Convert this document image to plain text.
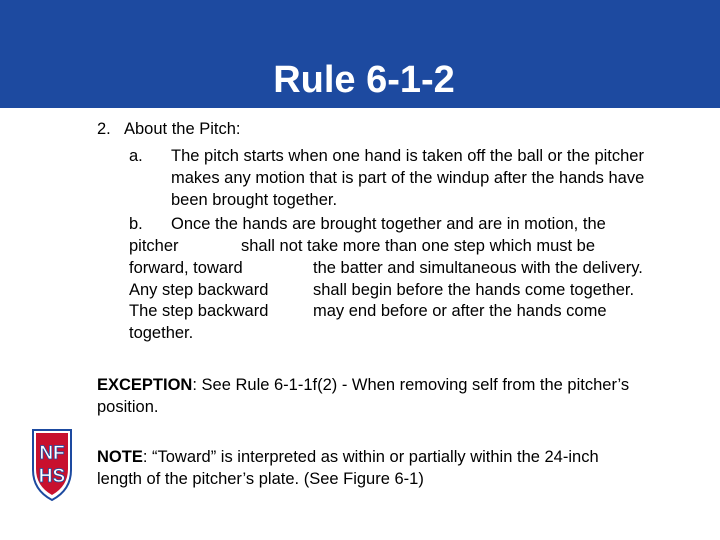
Rule 6-1-2
2. About the Pitch:
a. The pitch starts when one hand is taken off the ball or the pitcher
makes any motion that is part of the windup after the hands have
been brought together.
b. Once the hands are brought together and are in motion, the
pitcher	shall not take more than one step which must be
forward, toward	the batter and simultaneous with the delivery.
Any step backward	shall begin before the hands come together.
The step backward	may end before or after the hands come
together.
EXCEPTION: See Rule 6-1-1f(2) - When removing self from the pitcher’s
position.
NOTE: “Toward” is interpreted as within or partially within the 24-inch
length of the pitcher’s plate. (See Figure 6-1)
NF
HS
